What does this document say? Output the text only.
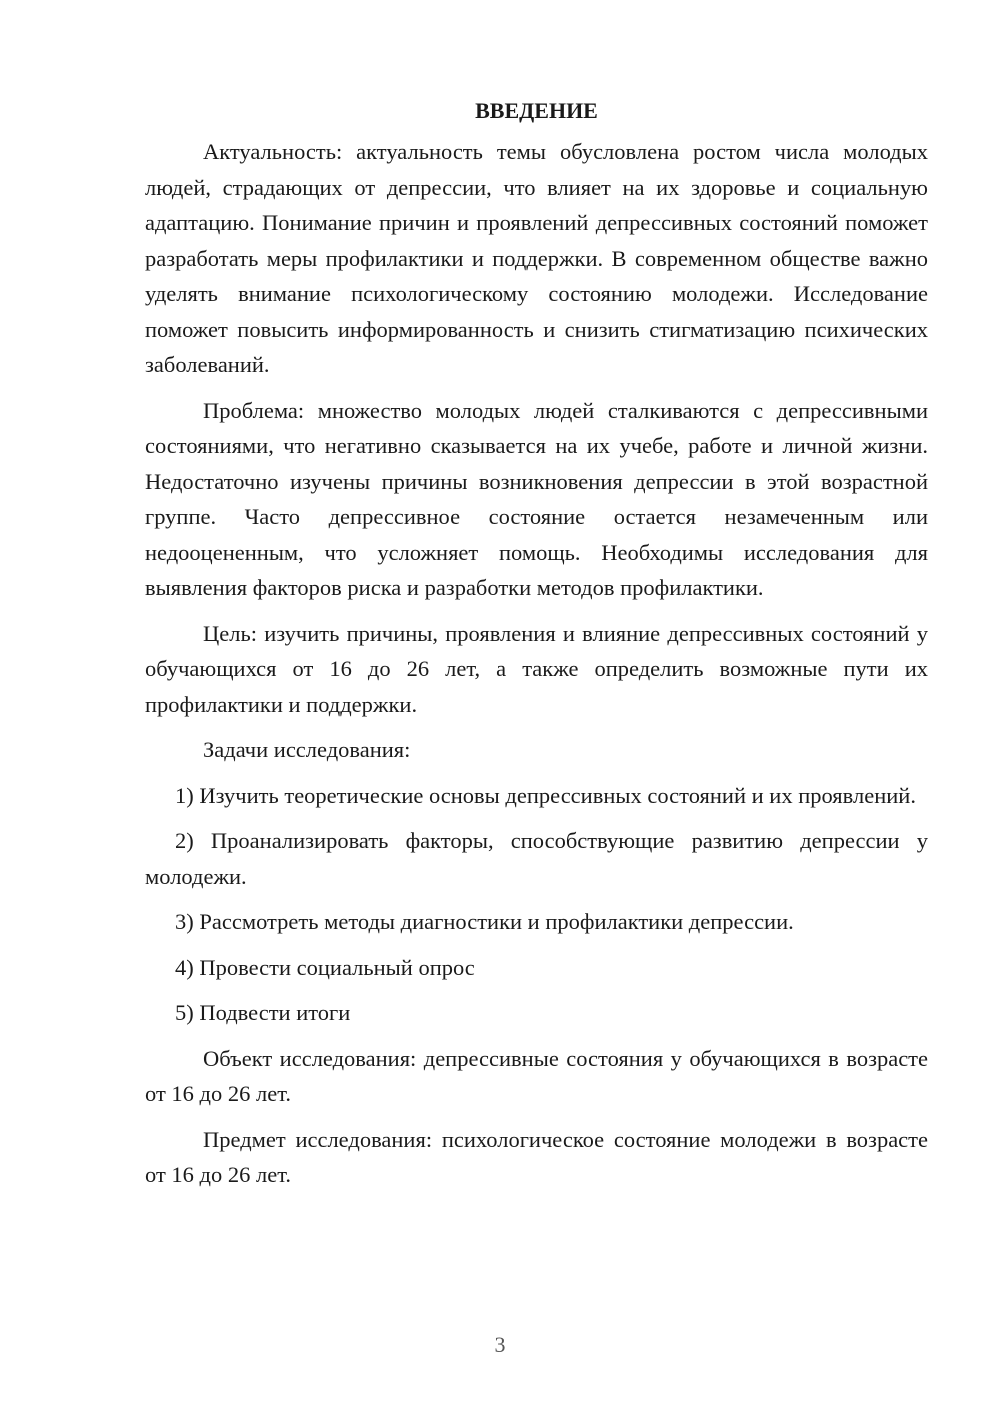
ВВЕДЕНИЕ

Актуальность: актуальность темы обусловлена ростом числа молодых людей, страдающих от депрессии, что влияет на их здоровье и социальную адаптацию. Понимание причин и проявлений депрессивных состояний поможет разработать меры профилактики и поддержки. В современном обществе важно уделять внимание психологическому состоянию молодежи. Исследование поможет повысить информированность и снизить стигматизацию психических заболеваний.

Проблема: множество молодых людей сталкиваются с депрессивными состояниями, что негативно сказывается на их учебе, работе и личной жизни. Недостаточно изучены причины возникновения депрессии в этой возрастной группе. Часто депрессивное состояние остается незамеченным или недооцененным, что усложняет помощь. Необходимы исследования для выявления факторов риска и разработки методов профилактики.

Цель: изучить причины, проявления и влияние депрессивных состояний у обучающихся от 16 до 26 лет, а также определить возможные пути их профилактики и поддержки.

Задачи исследования:

1) Изучить теоретические основы депрессивных состояний и их проявлений.

2) Проанализировать факторы, способствующие развитию депрессии у молодежи.

3) Рассмотреть методы диагностики и профилактики депрессии.

4) Провести социальный опрос

5) Подвести итоги

Объект исследования: депрессивные состояния у обучающихся в возрасте от 16 до 26 лет.

Предмет исследования: психологическое состояние молодежи в возрасте от 16 до 26 лет.

3
